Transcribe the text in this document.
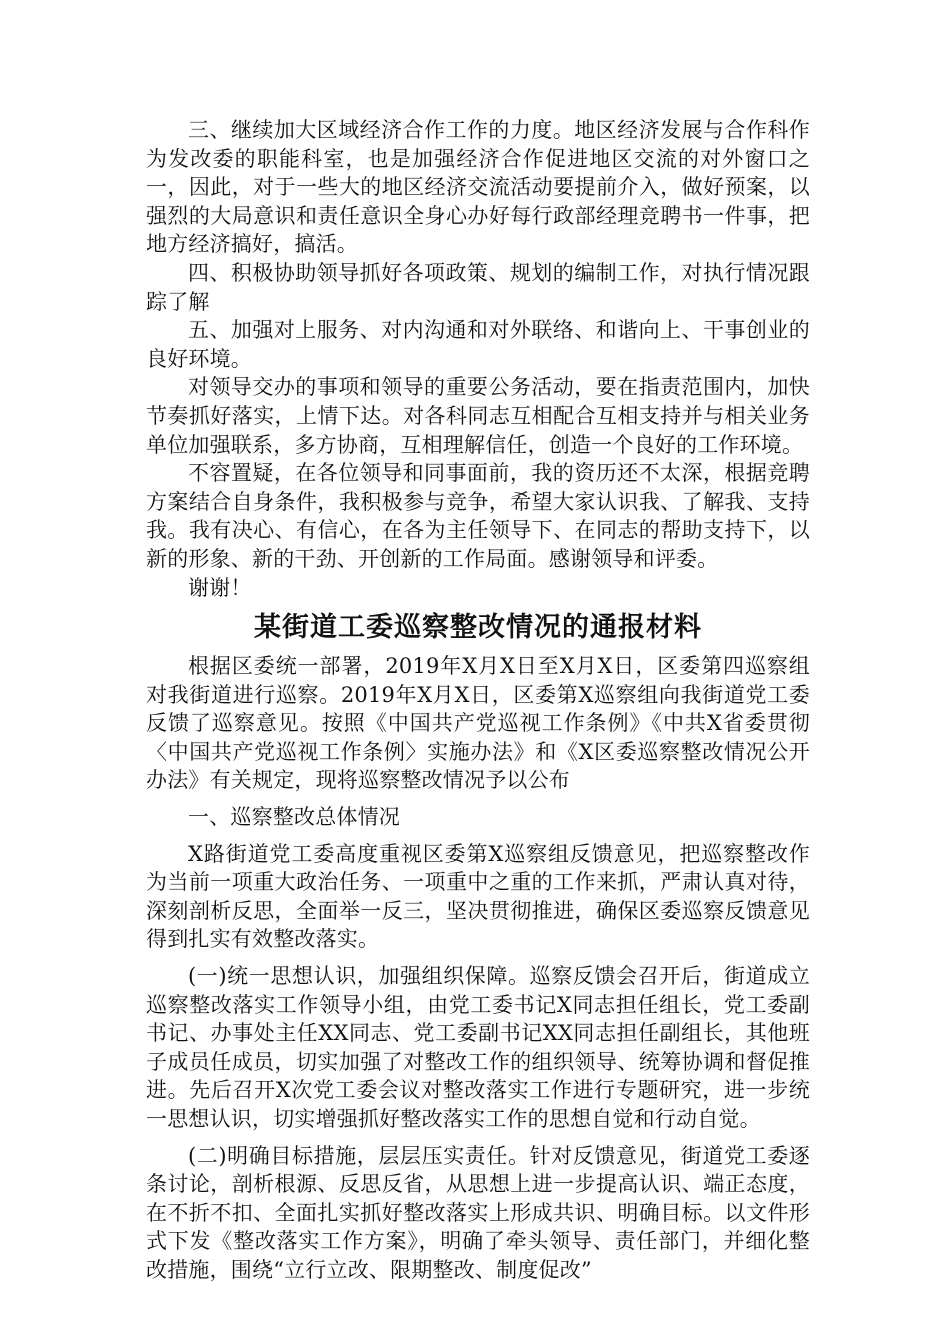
三、继续加大区域经济合作工作的力度。地区经济发展与合作科作为发改委的职能科室，也是加强经济合作促进地区交流的对外窗口之一，因此，对于一些大的地区经济交流活动要提前介入，做好预案，以强烈的大局意识和责任意识全身心办好每行政部经理竞聘书一件事，把地方经济搞好，搞活。

四、积极协助领导抓好各项政策、规划的编制工作，对执行情况跟踪了解

五、加强对上服务、对内沟通和对外联络、和谐向上、干事创业的良好环境。

对领导交办的事项和领导的重要公务活动，要在指责范围内，加快节奏抓好落实，上情下达。对各科同志互相配合互相支持并与相关业务单位加强联系，多方协商，互相理解信任，创造一个良好的工作环境。

不容置疑，在各位领导和同事面前，我的资历还不太深，根据竞聘方案结合自身条件，我积极参与竞争，希望大家认识我、了解我、支持我。我有决心、有信心，在各为主任领导下、在同志的帮助支持下，以新的形象、新的干劲、开创新的工作局面。感谢领导和评委。

谢谢！

某街道工委巡察整改情况的通报材料

根据区委统一部署，2019年X月X日至X月X日，区委第四巡察组对我街道进行巡察。2019年X月X日，区委第X巡察组向我街道党工委反馈了巡察意见。按照《中国共产党巡视工作条例》《中共X省委贯彻〈中国共产党巡视工作条例〉实施办法》和《X区委巡察整改情况公开办法》有关规定，现将巡察整改情况予以公布

一、巡察整改总体情况

X路街道党工委高度重视区委第X巡察组反馈意见，把巡察整改作为当前一项重大政治任务、一项重中之重的工作来抓，严肃认真对待，深刻剖析反思，全面举一反三，坚决贯彻推进，确保区委巡察反馈意见得到扎实有效整改落实。

(一)统一思想认识，加强组织保障。巡察反馈会召开后，街道成立巡察整改落实工作领导小组，由党工委书记X同志担任组长，党工委副书记、办事处主任XX同志、党工委副书记XX同志担任副组长，其他班子成员任成员，切实加强了对整改工作的组织领导、统筹协调和督促推进。先后召开X次党工委会议对整改落实工作进行专题研究，进一步统一思想认识，切实增强抓好整改落实工作的思想自觉和行动自觉。

(二)明确目标措施，层层压实责任。针对反馈意见，街道党工委逐条讨论，剖析根源、反思反省，从思想上进一步提高认识、端正态度，在不折不扣、全面扎实抓好整改落实上形成共识、明确目标。以文件形式下发《整改落实工作方案》，明确了牵头领导、责任部门，并细化整改措施，围绕“立行立改、限期整改、制度促改”
